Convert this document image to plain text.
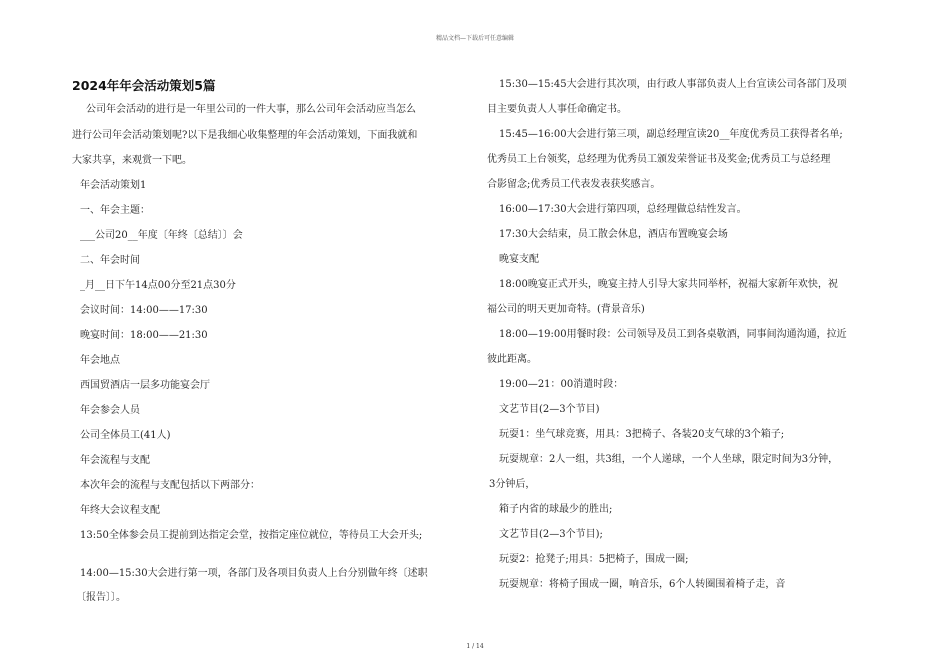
精品文档—下载后可任意编辑
2024年年会活动策划5篇
公司年会活动的进行是一年里公司的一件大事，那么公司年会活动应当怎么
进行公司年会活动策划呢?以下是我细心收集整理的年会活动策划，下面我就和
大家共享，来观赏一下吧。
年会活动策划1
一、年会主题：
___公司20__年度〔年终〔总结〕〕会
二、年会时间
_月__日下午14点00分至21点30分
会议时间：14:00——17:30
晚宴时间：18:00——21:30
年会地点
西国贸酒店一层多功能宴会厅
年会参会人员
公司全体员工(41人)
年会流程与支配
本次年会的流程与支配包括以下两部分：
年终大会议程支配
13:50全体参会员工提前到达指定会堂，按指定座位就位，等待员工大会开头;
14:00—15:30大会进行第一项，各部门及各项目负责人上台分别做年终〔述职
〔报告〕〕。
15:30—15:45大会进行其次项，由行政人事部负责人上台宣读公司各部门及项
目主要负责人人事任命确定书。
15:45—16:00大会进行第三项，副总经理宣读20__年度优秀员工获得者名单;
优秀员工上台领奖，总经理为优秀员工颁发荣誉证书及奖金;优秀员工与总经理
合影留念;优秀员工代表发表获奖感言。
16:00—17:30大会进行第四项，总经理做总结性发言。
17:30大会结束，员工散会休息，酒店布置晚宴会场
晚宴支配
18:00晚宴正式开头，晚宴主持人引导大家共同举杯，祝福大家新年欢快，祝
福公司的明天更加奇特。(背景音乐)
18:00—19:00用餐时段：公司领导及员工到各桌敬酒，同事间沟通沟通，拉近
彼此距离。
19:00—21：00消遣时段：
文艺节目(2—3个节目)
玩耍1：坐气球竞赛，用具：3把椅子、各装20支气球的3个箱子;
玩耍规章：2人一组，共3组，一个人递球，一个人坐球，限定时间为3分钟，
3分钟后，
箱子内省的球最少的胜出;
文艺节目(2—3个节目);
玩耍2：抢凳子;用具：5把椅子，围成一圈;
玩耍规章：将椅子围成一圈，响音乐，6个人转圈围着椅子走，音
1 / 14
